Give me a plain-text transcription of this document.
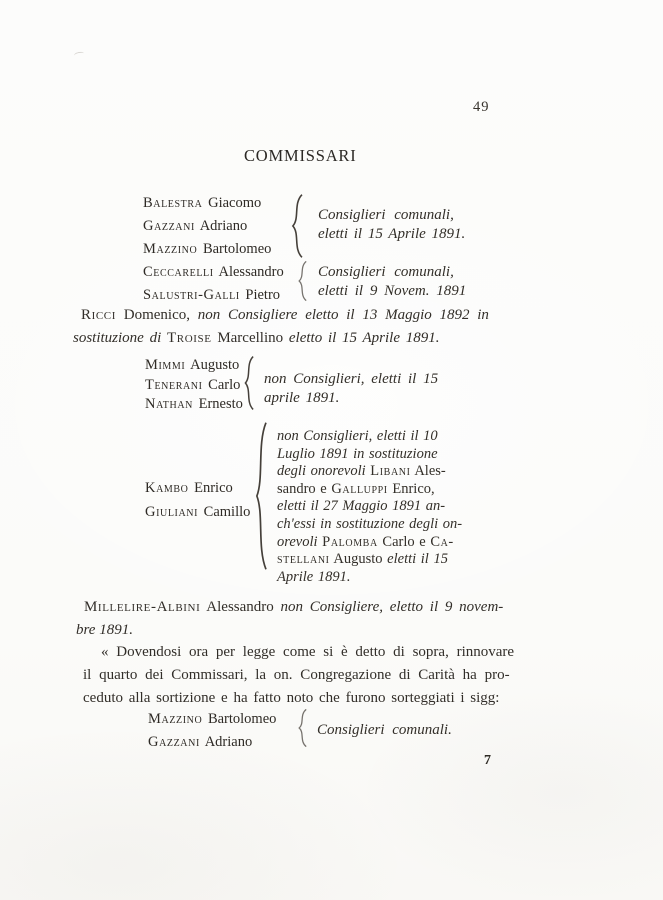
49
COMMISSARI
Balestra Giacomo
Gazzani Adriano
Mazzino Bartolomeo
Consiglieri comunali,
eletti il 15 Aprile 1891.
Ceccarelli Alessandro
Salustri-Galli Pietro
Consiglieri comunali,
eletti il 9 Novem. 1891
Ricci Domenico, non Consigliere eletto il 13 Maggio 1892 in
sostituzione di Troise Marcellino eletto il 15 Aprile 1891.
Mimmi Augusto
Tenerani Carlo
Nathan Ernesto
non Consiglieri, eletti il 15
aprile 1891.
Kambo Enrico
Giuliani Camillo
non Consiglieri, eletti il 10
Luglio 1891 in sostituzione
degli onorevoli Libani Ales-
sandro e Galluppi Enrico,
eletti il 27 Maggio 1891 an-
ch'essi in sostituzione degli on-
orevoli Palomba Carlo e Ca-
stellani Augusto eletti il 15
Aprile 1891.
Millelire-Albini Alessandro non Consigliere, eletto il 9 novem-
bre 1891.
« Dovendosi ora per legge come si è detto di sopra, rinnovare
il quarto dei Commissari, la on. Congregazione di Carità ha pro-
ceduto alla sortizione e ha fatto noto che furono sorteggiati i sigg:
Mazzino Bartolomeo
Gazzani Adriano
Consiglieri comunali.
7
